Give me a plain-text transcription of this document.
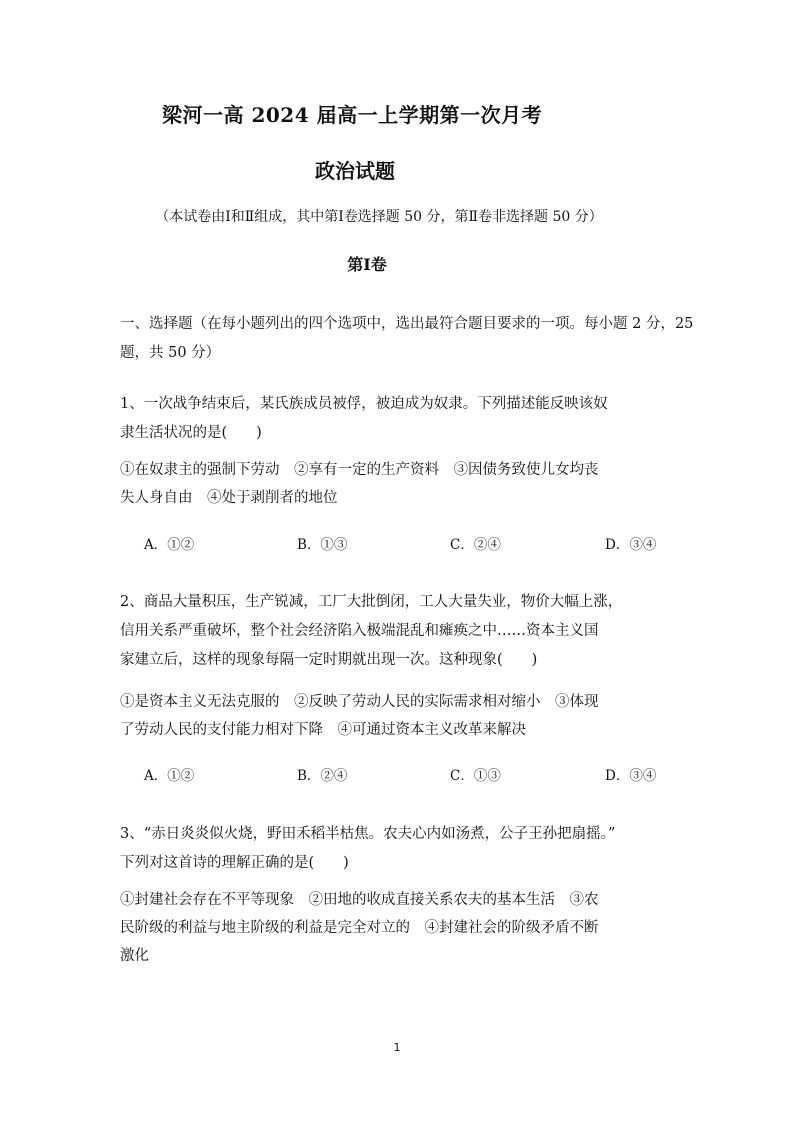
梁河一高 2024 届高一上学期第一次月考
政治试题
（本试卷由Ⅰ和Ⅱ组成，其中第Ⅰ卷选择题 50 分，第Ⅱ卷非选择题 50 分）
第Ⅰ卷
一、选择题（在每小题列出的四个选项中，选出最符合题目要求的一项。每小题 2 分，25
题，共 50 分）
1、一次战争结束后，某氏族成员被俘，被迫成为奴隶。下列描述能反映该奴
隶生活状况的是(　　)
①在奴隶主的强制下劳动　②享有一定的生产资料　③因债务致使儿女均丧
失人身自由　④处于剥削者的地位
A．①②	B．①③	C．②④	D．③④
2、商品大量积压，生产锐减，工厂大批倒闭，工人大量失业，物价大幅上涨，
信用关系严重破坏，整个社会经济陷入极端混乱和瘫痪之中……资本主义国
家建立后，这样的现象每隔一定时期就出现一次。这种现象(　　)
①是资本主义无法克服的　②反映了劳动人民的实际需求相对缩小　③体现
了劳动人民的支付能力相对下降　④可通过资本主义改革来解决
A．①②	B．②④	C．①③	D．③④
3、“赤日炎炎似火烧，野田禾稻半枯焦。农夫心内如汤煮，公子王孙把扇摇。”
下列对这首诗的理解正确的是(　　)
①封建社会存在不平等现象　②田地的收成直接关系农夫的基本生活　③农
民阶级的利益与地主阶级的利益是完全对立的　④封建社会的阶级矛盾不断
激化
1
